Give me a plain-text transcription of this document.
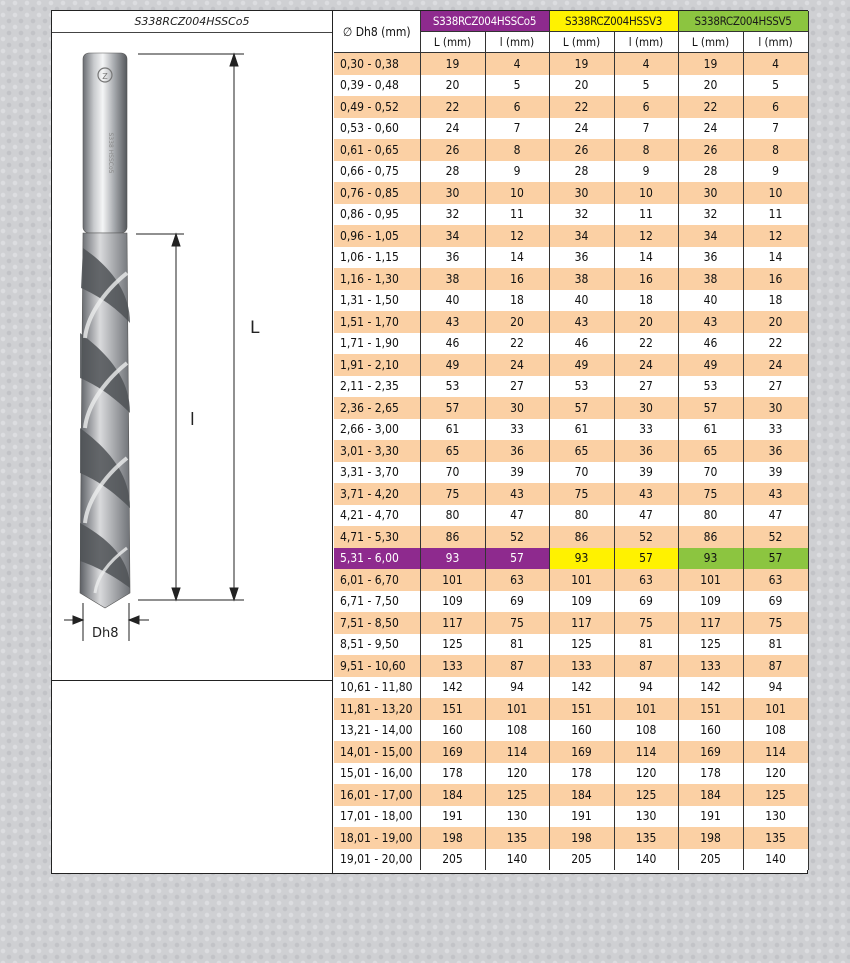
S338RCZ004HSSCo5
Z
S338 HSSCo5
L
l
Dh8
∅ Dh8 (mm)	S338RCZ004HSSCo5		S338RCZ004HSSV3		S338RCZ004HSSV5	
	L (mm)	l (mm)	L (mm)	l (mm)	L (mm)	l (mm)
0,30 - 0,38	19	4	19	4	19	4
0,39 - 0,48	20	5	20	5	20	5
0,49 - 0,52	22	6	22	6	22	6
0,53 - 0,60	24	7	24	7	24	7
0,61 - 0,65	26	8	26	8	26	8
0,66 - 0,75	28	9	28	9	28	9
0,76 - 0,85	30	10	30	10	30	10
0,86 - 0,95	32	11	32	11	32	11
0,96 - 1,05	34	12	34	12	34	12
1,06 - 1,15	36	14	36	14	36	14
1,16 - 1,30	38	16	38	16	38	16
1,31 - 1,50	40	18	40	18	40	18
1,51 - 1,70	43	20	43	20	43	20
1,71 - 1,90	46	22	46	22	46	22
1,91 - 2,10	49	24	49	24	49	24
2,11 - 2,35	53	27	53	27	53	27
2,36 - 2,65	57	30	57	30	57	30
2,66 - 3,00	61	33	61	33	61	33
3,01 - 3,30	65	36	65	36	65	36
3,31 - 3,70	70	39	70	39	70	39
3,71 - 4,20	75	43	75	43	75	43
4,21 - 4,70	80	47	80	47	80	47
4,71 - 5,30	86	52	86	52	86	52
5,31 - 6,00	93	57	93	57	93	57
6,01 - 6,70	101	63	101	63	101	63
6,71 - 7,50	109	69	109	69	109	69
7,51 - 8,50	117	75	117	75	117	75
8,51 - 9,50	125	81	125	81	125	81
9,51 - 10,60	133	87	133	87	133	87
10,61 - 11,80	142	94	142	94	142	94
11,81 - 13,20	151	101	151	101	151	101
13,21 - 14,00	160	108	160	108	160	108
14,01 - 15,00	169	114	169	114	169	114
15,01 - 16,00	178	120	178	120	178	120
16,01 - 17,00	184	125	184	125	184	125
17,01 - 18,00	191	130	191	130	191	130
18,01 - 19,00	198	135	198	135	198	135
19,01 - 20,00	205	140	205	140	205	140
